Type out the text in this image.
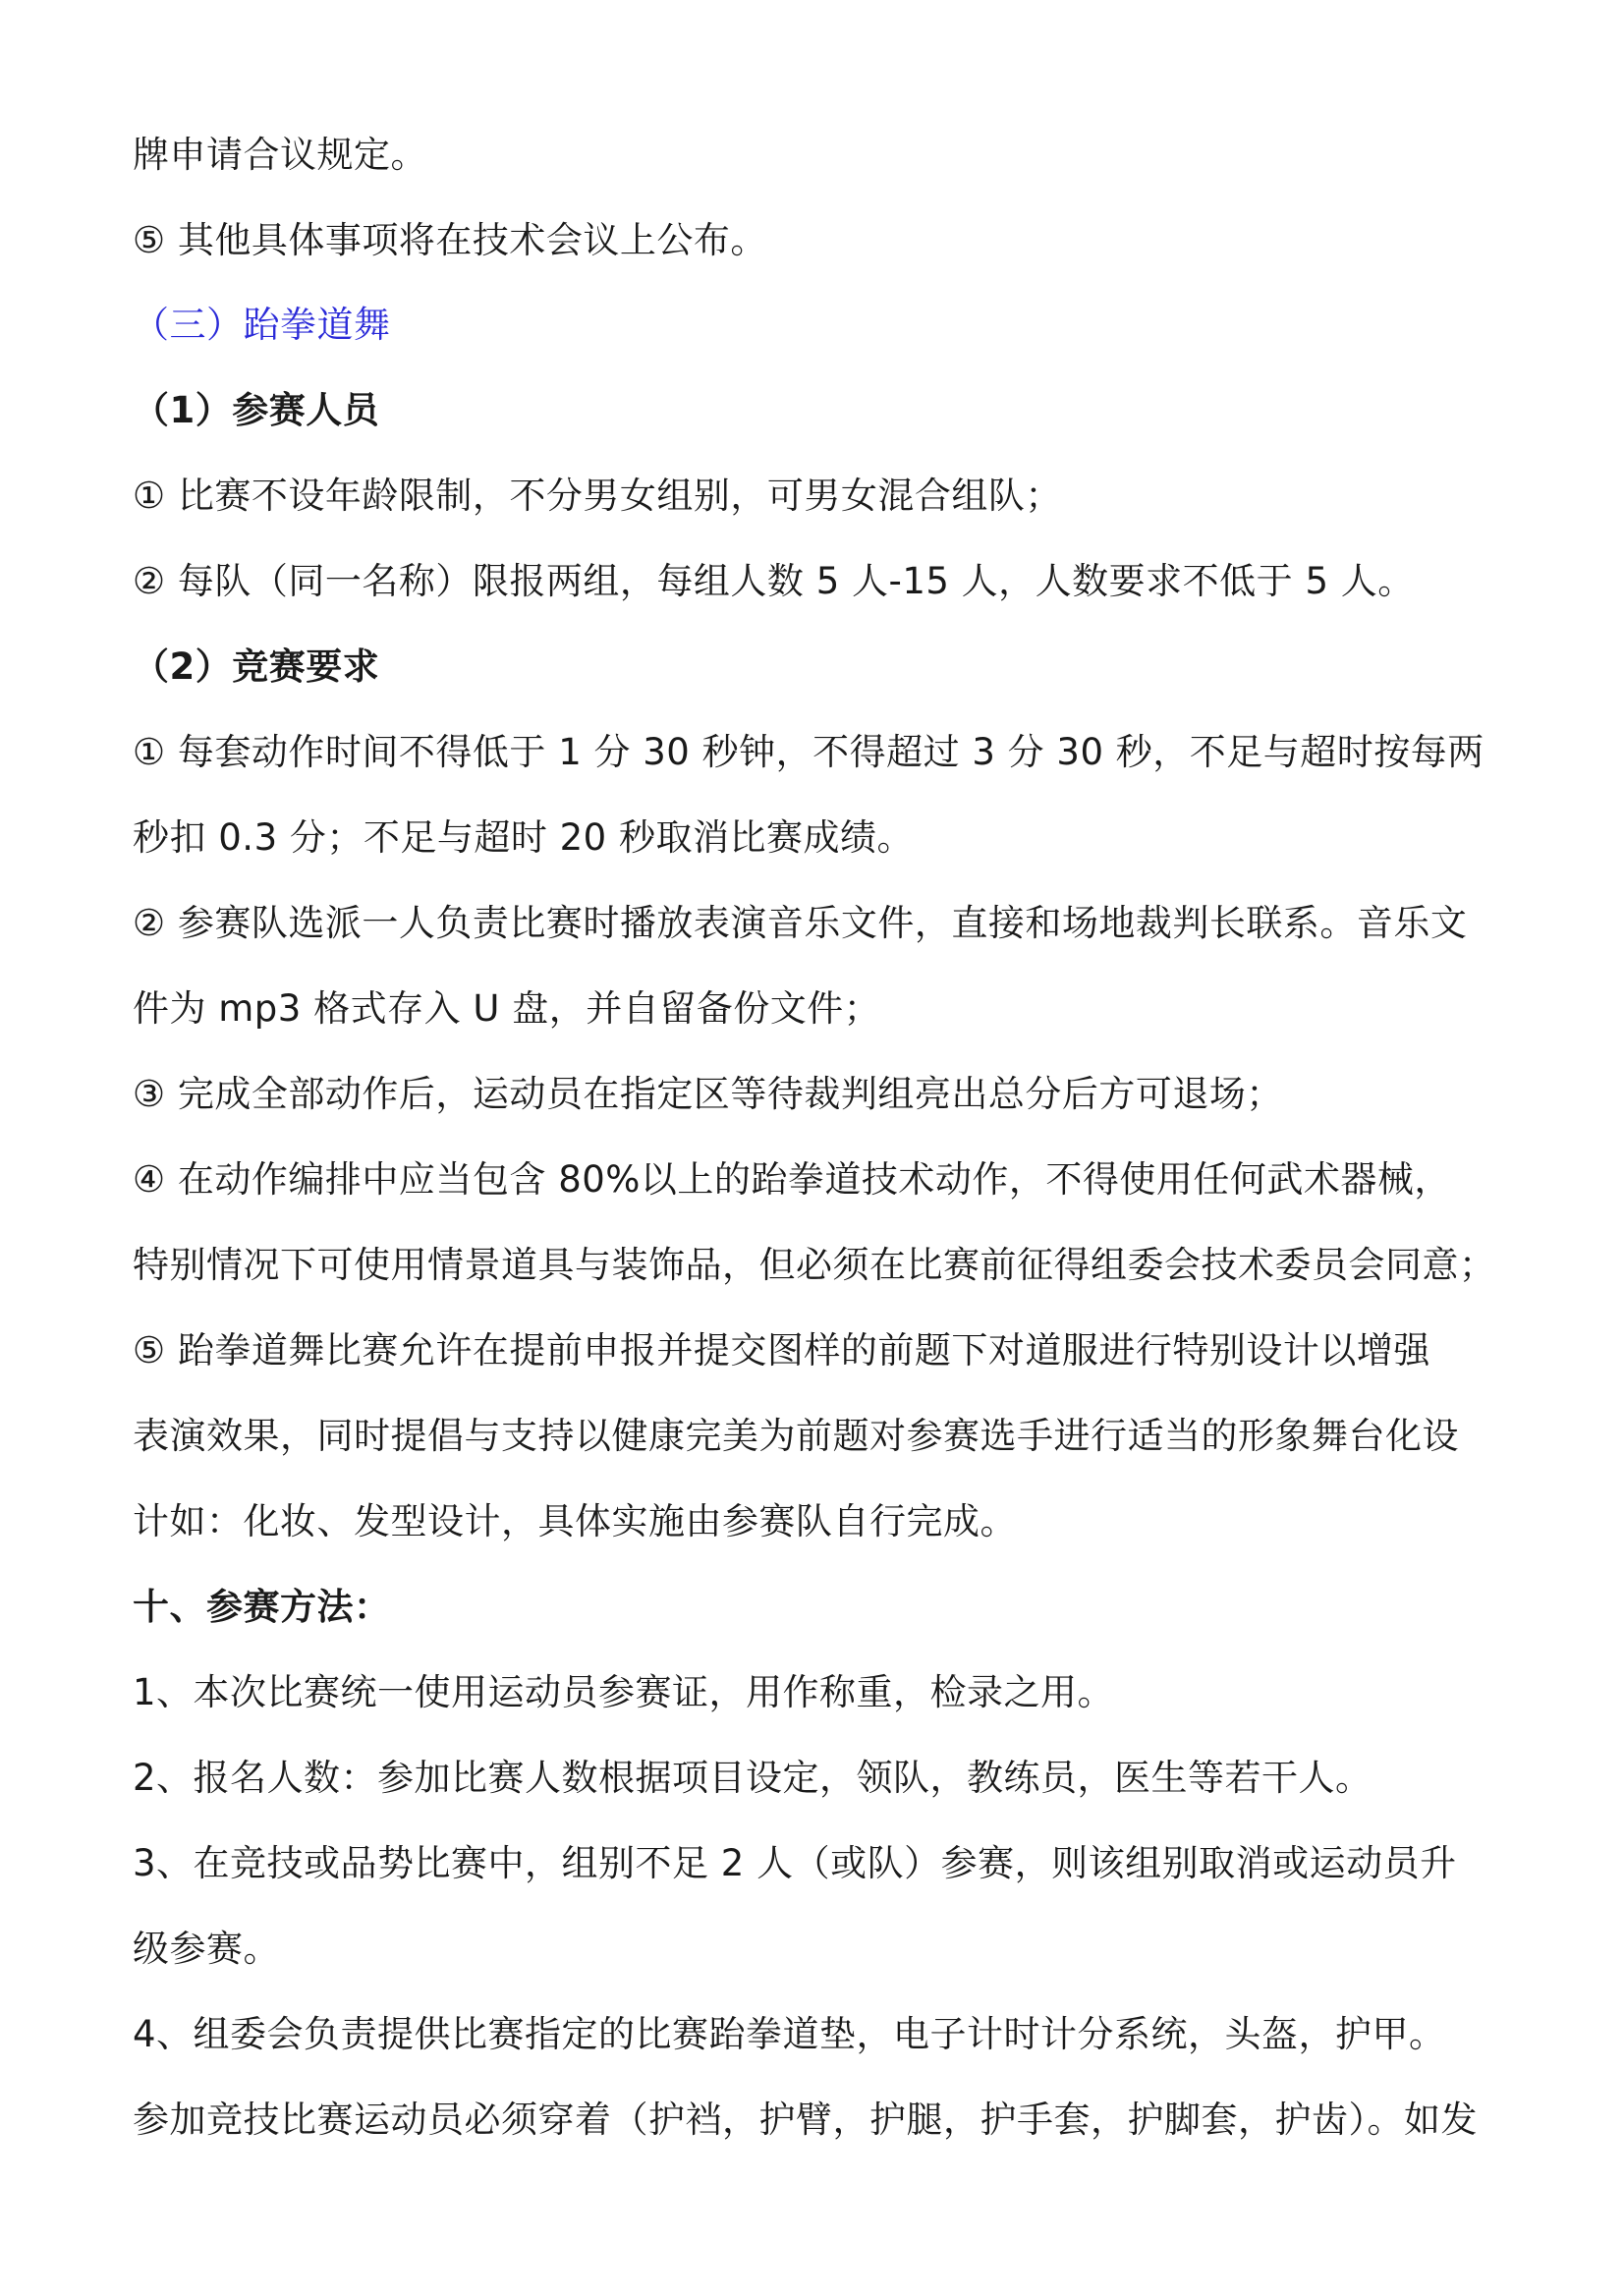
牌申请合议规定。
⑤ 其他具体事项将在技术会议上公布。
（三）跆拳道舞
（1）参赛人员
① 比赛不设年龄限制，不分男女组别，可男女混合组队；
② 每队（同一名称）限报两组，每组人数 5 人-15 人，人数要求不低于 5 人。
（2）竞赛要求
① 每套动作时间不得低于 1 分 30 秒钟，不得超过 3 分 30 秒，不足与超时按每两
秒扣 0.3 分；不足与超时 20 秒取消比赛成绩。
② 参赛队选派一人负责比赛时播放表演音乐文件，直接和场地裁判长联系。音乐文
件为 mp3 格式存入 U 盘，并自留备份文件；
③ 完成全部动作后，运动员在指定区等待裁判组亮出总分后方可退场；
④ 在动作编排中应当包含 80%以上的跆拳道技术动作，不得使用任何武术器械，
特别情况下可使用情景道具与装饰品，但必须在比赛前征得组委会技术委员会同意；
⑤ 跆拳道舞比赛允许在提前申报并提交图样的前题下对道服进行特别设计以增强
表演效果，同时提倡与支持以健康完美为前题对参赛选手进行适当的形象舞台化设
计如：化妆、发型设计，具体实施由参赛队自行完成。
十、参赛方法：
1、本次比赛统一使用运动员参赛证，用作称重，检录之用。
2、报名人数：参加比赛人数根据项目设定，领队，教练员，医生等若干人。
3、在竞技或品势比赛中，组别不足 2 人（或队）参赛，则该组别取消或运动员升
级参赛。
4、组委会负责提供比赛指定的比赛跆拳道垫，电子计时计分系统，头盔，护甲。
参加竞技比赛运动员必须穿着（护裆，护臂，护腿，护手套，护脚套，护齿）。如发
